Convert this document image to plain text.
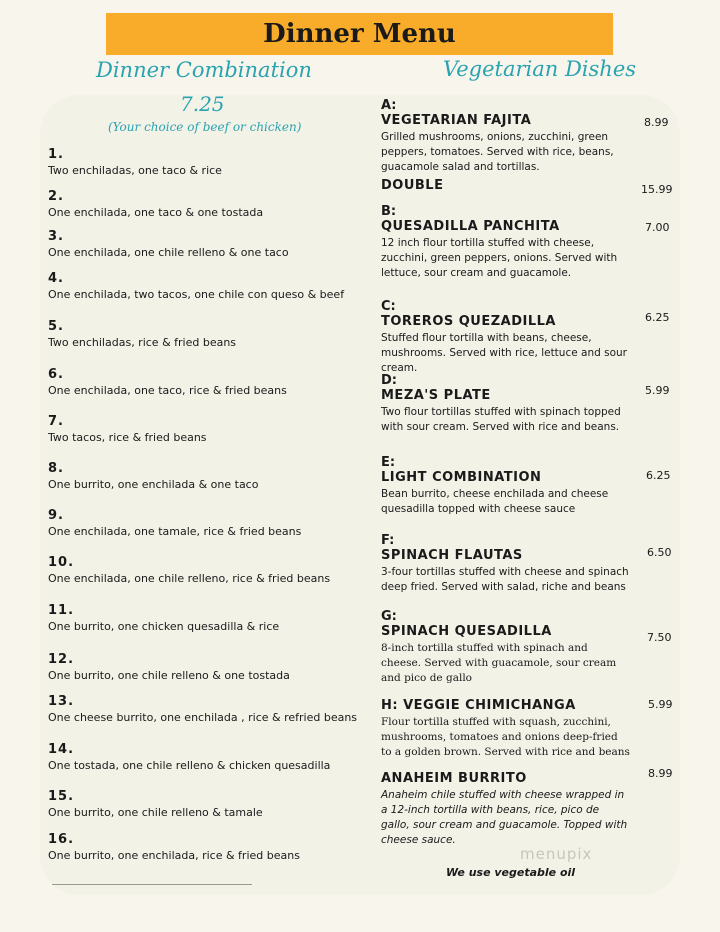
Dinner Menu
Dinner Combination
7.25
(Your choice of beef or chicken)
1.
Two enchiladas, one taco & rice
2.
One enchilada, one taco & one tostada
3.
One enchilada, one chile relleno & one taco
4.
One enchilada, two tacos, one chile con queso & beef
5.
Two enchiladas, rice & fried beans
6.
One enchilada, one taco, rice & fried beans
7.
Two tacos, rice & fried beans
8.
One burrito, one enchilada & one taco
9.
One enchilada, one tamale, rice & fried beans
10.
One enchilada, one chile relleno, rice & fried beans
11.
One burrito, one chicken quesadilla & rice
12.
One burrito, one chile relleno & one tostada
13.
One cheese burrito, one enchilada , rice & refried beans
14.
One tostada, one chile relleno & chicken quesadilla
15.
One burrito, one chile relleno & tamale
16.
One burrito, one enchilada, rice & fried beans
Vegetarian Dishes
A:
VEGETARIAN FAJITA
Grilled mushrooms, onions, zucchini, green peppers, tomatoes. Served with rice, beans, guacamole salad and tortillas.
8.99
DOUBLE	15.99
B:
QUESADILLA PANCHITA
12 inch flour tortilla stuffed with cheese, zucchini, green peppers, onions. Served with lettuce, sour cream and guacamole.
7.00
C:
TOREROS QUEZADILLA
Stuffed flour tortilla with beans, cheese, mushrooms. Served with rice, lettuce and sour cream.
6.25
D:
MEZA'S PLATE
Two flour tortillas stuffed with spinach topped with sour cream. Served with rice and beans.
5.99
E:
LIGHT COMBINATION
Bean burrito, cheese enchilada and cheese quesadilla topped with cheese sauce
6.25
F:
SPINACH FLAUTAS
3-four tortillas stuffed with cheese and spinach deep fried. Served with salad, riche and beans
6.50
G:
SPINACH QUESADILLA
8-inch tortilla stuffed with spinach and cheese. Served with guacamole, sour cream and pico de gallo
7.50
H: VEGGIE CHIMICHANGA
Flour tortilla stuffed with squash, zucchini, mushrooms, tomatoes and onions deep-fried to a golden brown. Served with rice and beans
5.99
ANAHEIM BURRITO
Anaheim chile stuffed with cheese wrapped in a 12-inch tortilla with beans, rice, pico de gallo, sour cream and guacamole. Topped with cheese sauce.
8.99
We use vegetable oil
menupix
